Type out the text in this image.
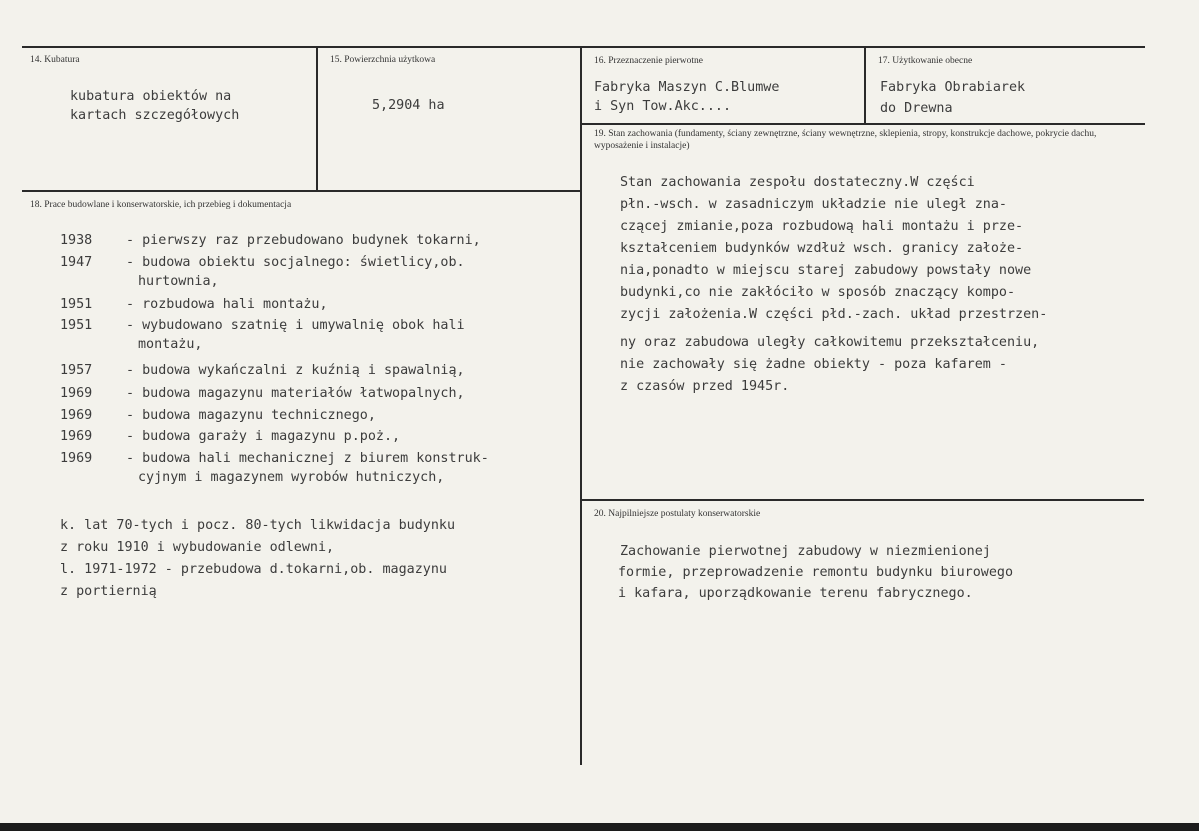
14. Kubatura
kubatura obiektów na
kartach szczegółowych
15. Powierzchnia użytkowa
5,2904 ha
16. Przeznaczenie pierwotne
Fabryka Maszyn C.Blumwe
i Syn Tow.Akc....
17. Użytkowanie obecne
Fabryka Obrabiarek
do Drewna
19. Stan zachowania (fundamenty, ściany zewnętrzne, ściany wewnętrzne, sklepienia, stropy, konstrukcje dachowe, pokrycie dachu, wyposażenie i instalacje)
Stan zachowania zespołu dostateczny.W części
płn.-wsch. w zasadniczym układzie nie uległ zna-
czącej zmianie,poza rozbudową hali montażu i prze-
kształceniem budynków wzdłuż wsch. granicy założe-
nia,ponadto w miejscu starej zabudowy powstały nowe
budynki,co nie zakłóciło w sposób znaczący kompo-
zycji założenia.W części płd.-zach. układ przestrzen-
ny oraz zabudowa uległy całkowitemu przekształceniu,
nie zachowały się żadne obiekty - poza kafarem -
z czasów przed 1945r.
20. Najpilniejsze postulaty konserwatorskie
Zachowanie pierwotnej zabudowy w niezmienionej
formie, przeprowadzenie remontu budynku biurowego
i kafara, uporządkowanie terenu fabrycznego.
18. Prace budowlane i konserwatorskie, ich przebieg i dokumentacja
1938	- pierwszy raz przebudowano budynek tokarni,
1947	- budowa obiektu socjalnego: świetlicy,ob.
hurtownia,
1951	- rozbudowa hali montażu,
1951	- wybudowano szatnię i umywalnię obok hali
montażu,
1957	- budowa wykańczalni z kuźnią i spawalnią,
1969	- budowa magazynu materiałów łatwopalnych,
1969	- budowa magazynu technicznego,
1969	- budowa garaży i magazynu p.poż.,
1969	- budowa hali mechanicznej z biurem konstruk-
cyjnym i magazynem wyrobów hutniczych,
k. lat 70-tych i pocz. 80-tych likwidacja budynku
z roku 1910 i wybudowanie odlewni,
l. 1971-1972 - przebudowa d.tokarni,ob. magazynu
z portiernią
